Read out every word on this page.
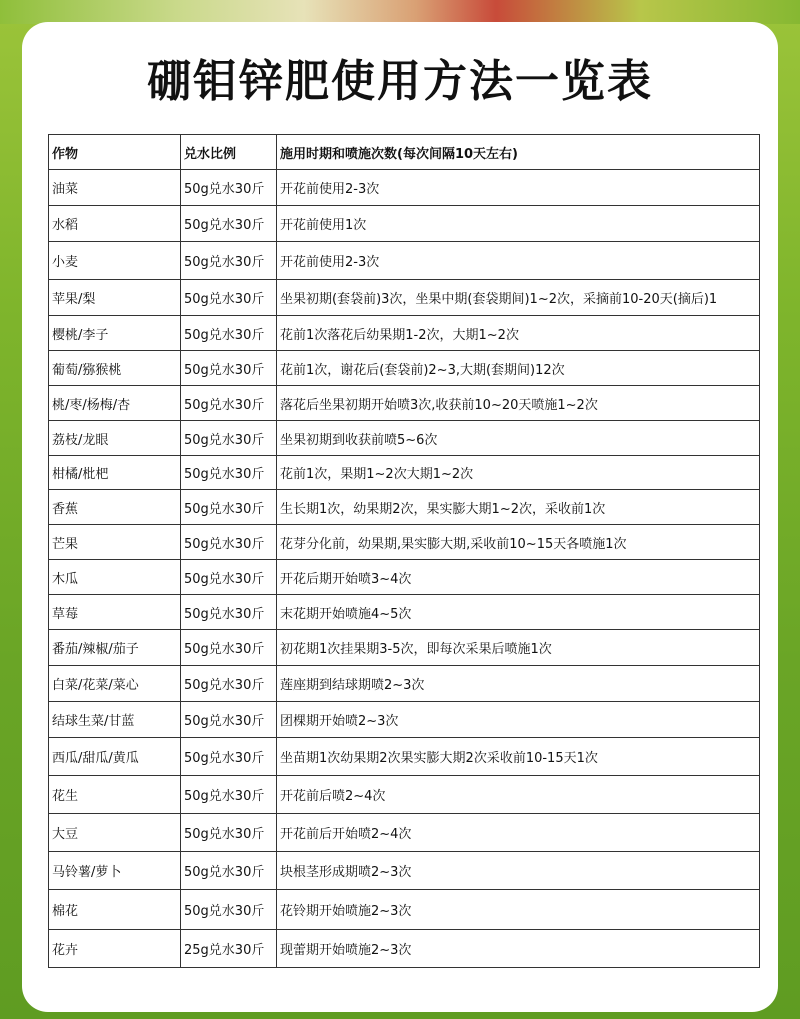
硼钼锌肥使用方法一览表
作物	兑水比例	施用时期和喷施次数(每次间隔10天左右)
油菜	50g兑水30斤	开花前使用2-3次
水稻	50g兑水30斤	开花前使用1次
小麦	50g兑水30斤	开花前使用2-3次
苹果/梨	50g兑水30斤	坐果初期(套袋前)3次，坐果中期(套袋期间)1~2次，采摘前10-20天(摘后)1
樱桃/李子	50g兑水30斤	花前1次落花后幼果期1-2次，大期1~2次
葡萄/猕猴桃	50g兑水30斤	花前1次，谢花后(套袋前)2~3,大期(套期间)12次
桃/枣/杨梅/杏	50g兑水30斤	落花后坐果初期开始喷3次,收获前10~20天喷施1~2次
荔枝/龙眼	50g兑水30斤	坐果初期到收获前喷5~6次
柑橘/枇杷	50g兑水30斤	花前1次，果期1~2次大期1~2次
香蕉	50g兑水30斤	生长期1次，幼果期2次，果实膨大期1~2次，采收前1次
芒果	50g兑水30斤	花芽分化前，幼果期,果实膨大期,采收前10~15天各喷施1次
木瓜	50g兑水30斤	开花后期开始喷3~4次
草莓	50g兑水30斤	末花期开始喷施4~5次
番茄/辣椒/茄子	50g兑水30斤	初花期1次挂果期3-5次，即每次采果后喷施1次
白菜/花菜/菜心	50g兑水30斤	莲座期到结球期喷2~3次
结球生菜/甘蓝	50g兑水30斤	团棵期开始喷2~3次
西瓜/甜瓜/黄瓜	50g兑水30斤	坐苗期1次幼果期2次果实膨大期2次采收前10-15天1次
花生	50g兑水30斤	开花前后喷2~4次
大豆	50g兑水30斤	开花前后开始喷2~4次
马铃薯/萝卜	50g兑水30斤	块根茎形成期喷2~3次
棉花	50g兑水30斤	花铃期开始喷施2~3次
花卉	25g兑水30斤	现蕾期开始喷施2~3次
